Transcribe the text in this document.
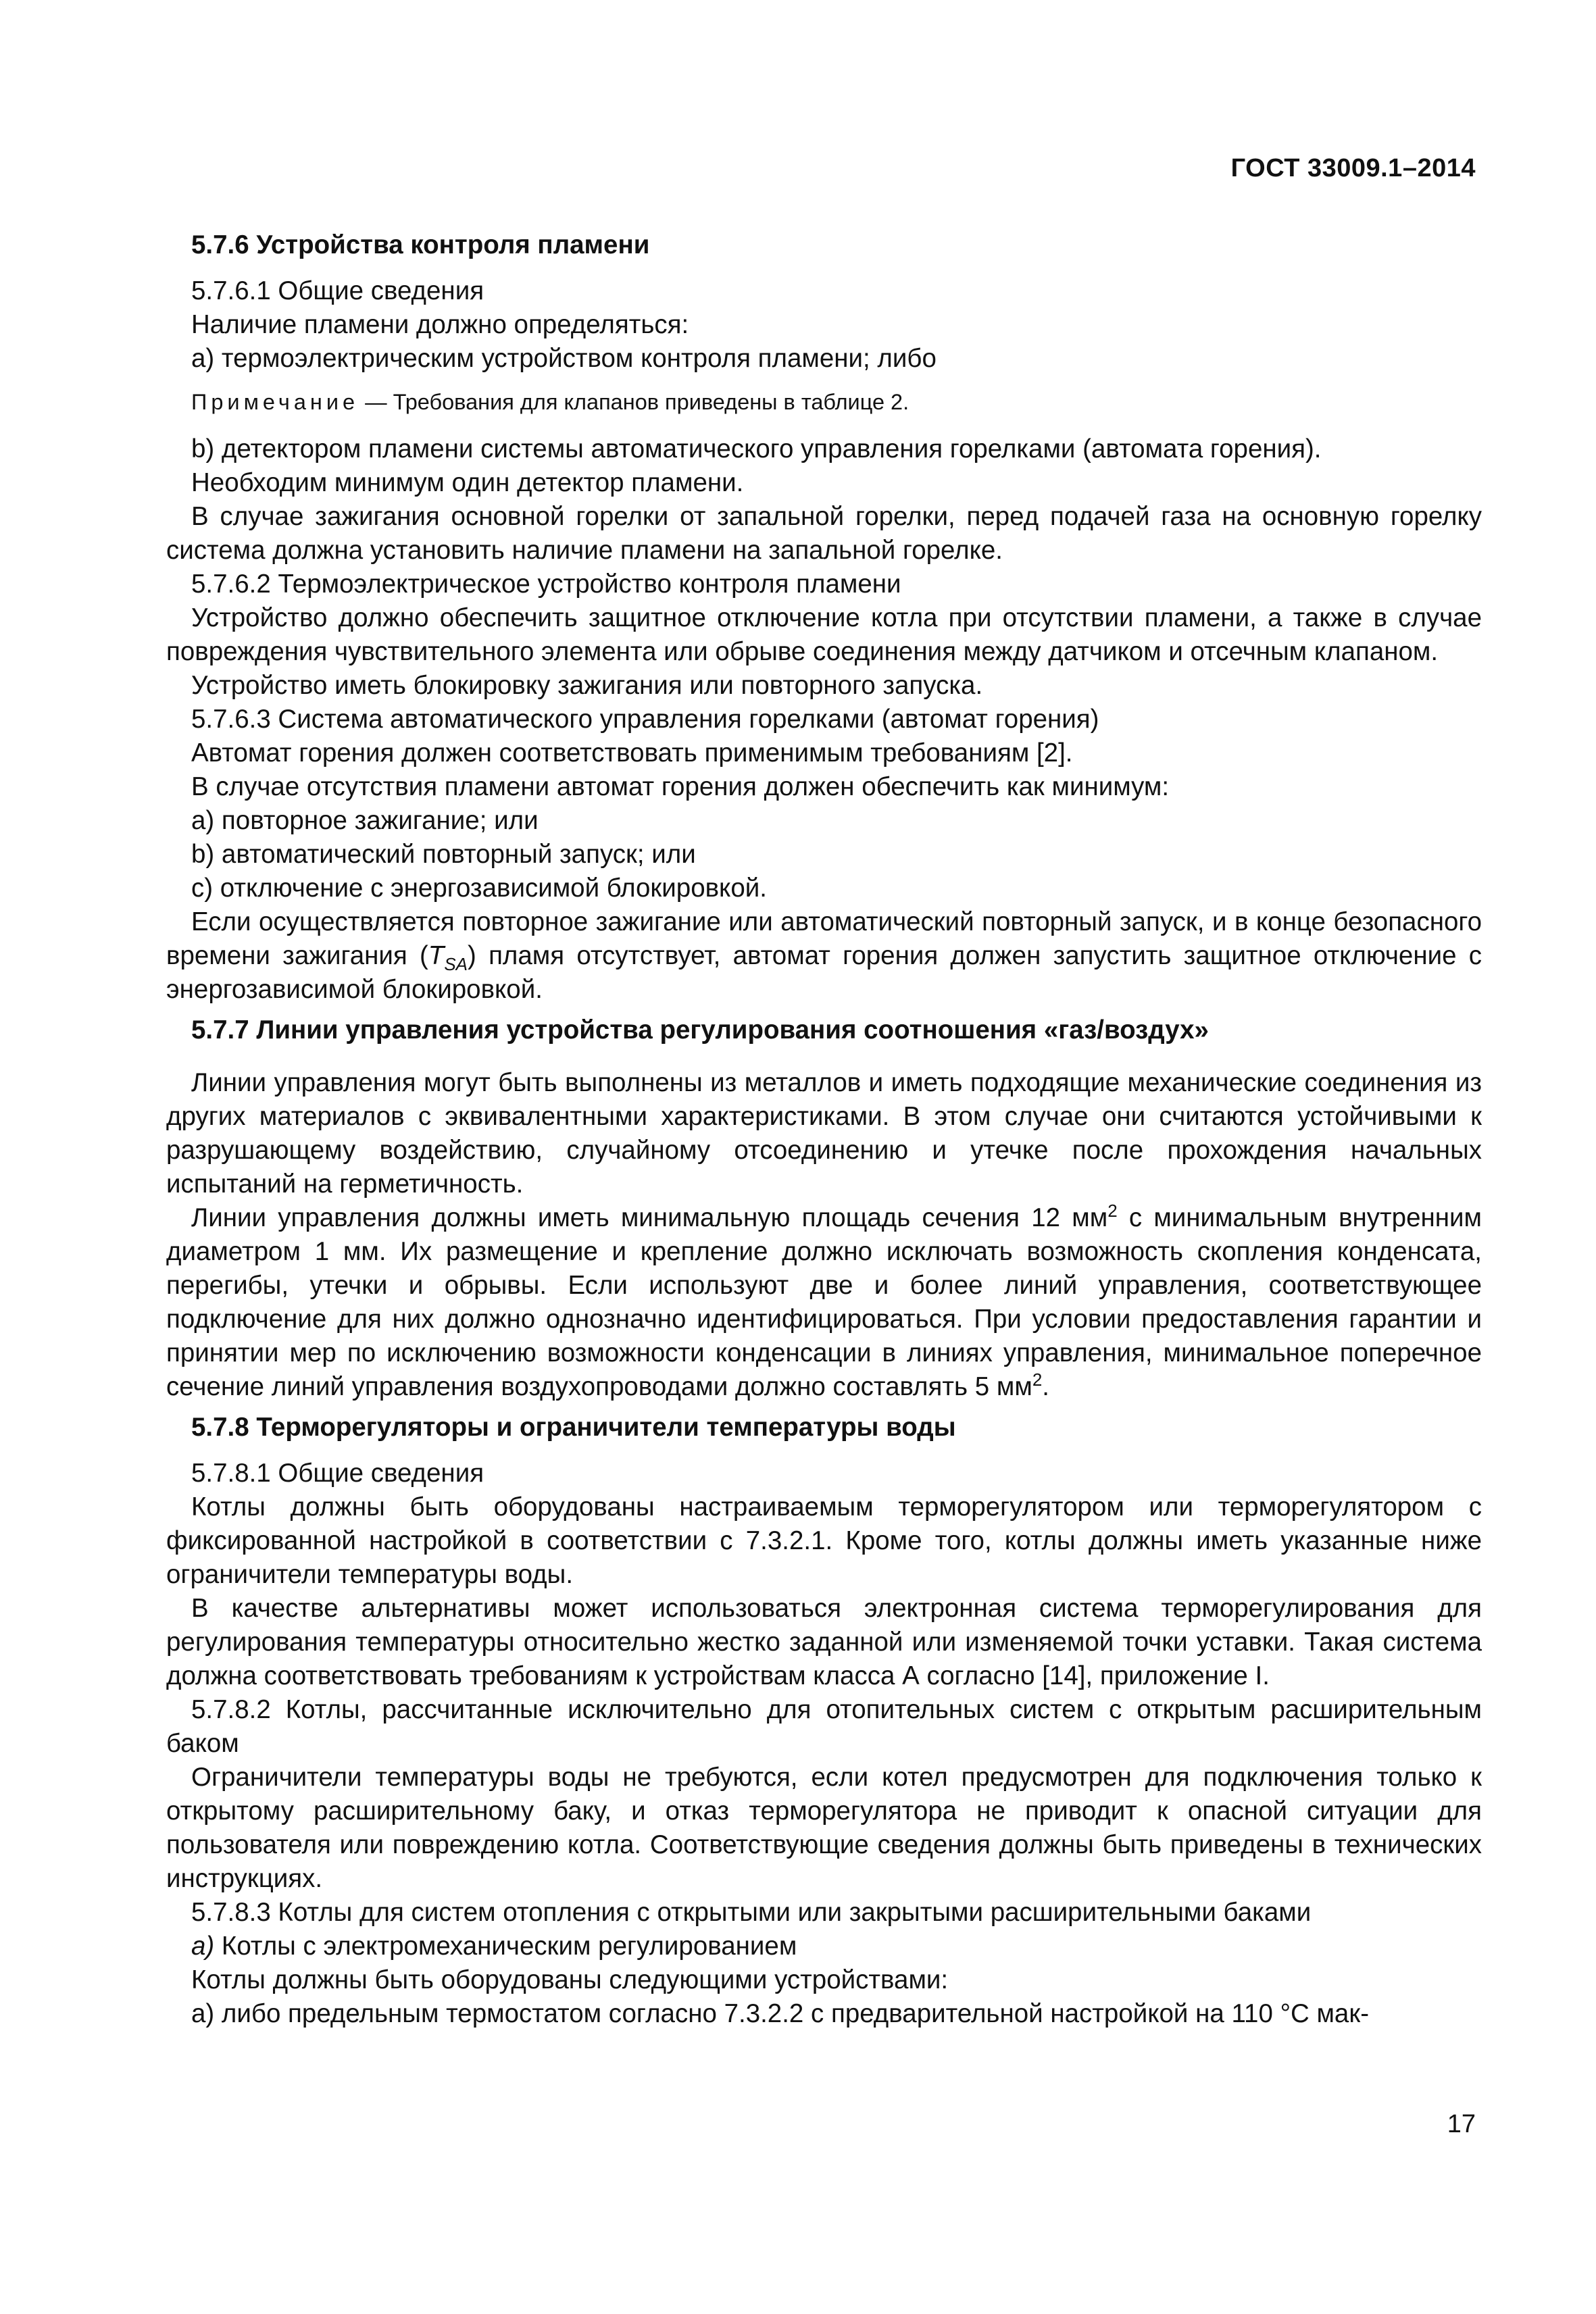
ГОСТ 33009.1–2014

5.7.6 Устройства контроля пламени

5.7.6.1 Общие сведения

Наличие пламени должно определяться:

а) термоэлектрическим устройством контроля пламени; либо

Примечание — Требования для клапанов приведены в таблице 2.

b) детектором пламени системы автоматического управления горелками (автомата горения).

Необходим минимум один детектор пламени.

В случае зажигания основной горелки от запальной горелки, перед подачей газа на основную горелку система должна установить наличие пламени на запальной горелке.

5.7.6.2 Термоэлектрическое устройство контроля пламени

Устройство должно обеспечить защитное отключение котла при отсутствии пламени, а также в случае повреждения чувствительного элемента или обрыве соединения между датчиком и отсечным клапаном.

Устройство иметь блокировку зажигания или повторного запуска.

5.7.6.3 Система автоматического управления горелками (автомат горения)

Автомат горения должен соответствовать применимым требованиям [2].

В случае отсутствия пламени автомат горения должен обеспечить как минимум:

а) повторное зажигание; или

b) автоматический повторный запуск; или

с) отключение с энергозависимой блокировкой.

Если осуществляется повторное зажигание или автоматический повторный запуск, и в конце безопасного времени зажигания $(T_{SA})$ пламя отсутствует, автомат горения должен запустить защитное отключение с энергозависимой блокировкой.

5.7.7 Линии управления устройства регулирования соотношения «газ/воздух»

Линии управления могут быть выполнены из металлов и иметь подходящие механические соединения из других материалов с эквивалентными характеристиками. В этом случае они считаются устойчивыми к разрушающему воздействию, случайному отсоединению и утечке после прохождения начальных испытаний на герметичность.

Линии управления должны иметь минимальную площадь сечения 12 $мм^2$ с минимальным внутренним диаметром 1 мм. Их размещение и крепление должно исключать возможность скопления конденсата, перегибы, утечки и обрывы. Если используют две и более линий управления, соответствующее подключение для них должно однозначно идентифицироваться. При условии предоставления гарантии и принятии мер по исключению возможности конденсации в линиях управления, минимальное поперечное сечение линий управления воздухопроводами должно составлять 5 $мм^2$.

5.7.8 Терморегуляторы и ограничители температуры воды

5.7.8.1 Общие сведения

Котлы должны быть оборудованы настраиваемым терморегулятором или терморегулятором с фиксированной настройкой в соответствии с 7.3.2.1. Кроме того, котлы должны иметь указанные ниже ограничители температуры воды.

В качестве альтернативы может использоваться электронная система терморегулирования для регулирования температуры относительно жестко заданной или изменяемой точки уставки. Такая система должна соответствовать требованиям к устройствам класса А согласно [14], приложение I.

5.7.8.2 Котлы, рассчитанные исключительно для отопительных систем с открытым расширительным баком

Ограничители температуры воды не требуются, если котел предусмотрен для подключения только к открытому расширительному баку, и отказ терморегулятора не приводит к опасной ситуации для пользователя или повреждению котла. Соответствующие сведения должны быть приведены в технических инструкциях.

5.7.8.3 Котлы для систем отопления с открытыми или закрытыми расширительными баками

а) Котлы с электромеханическим регулированием

Котлы должны быть оборудованы следующими устройствами:

а) либо предельным термостатом согласно 7.3.2.2 с предварительной настройкой на 110 °С мак-

17
